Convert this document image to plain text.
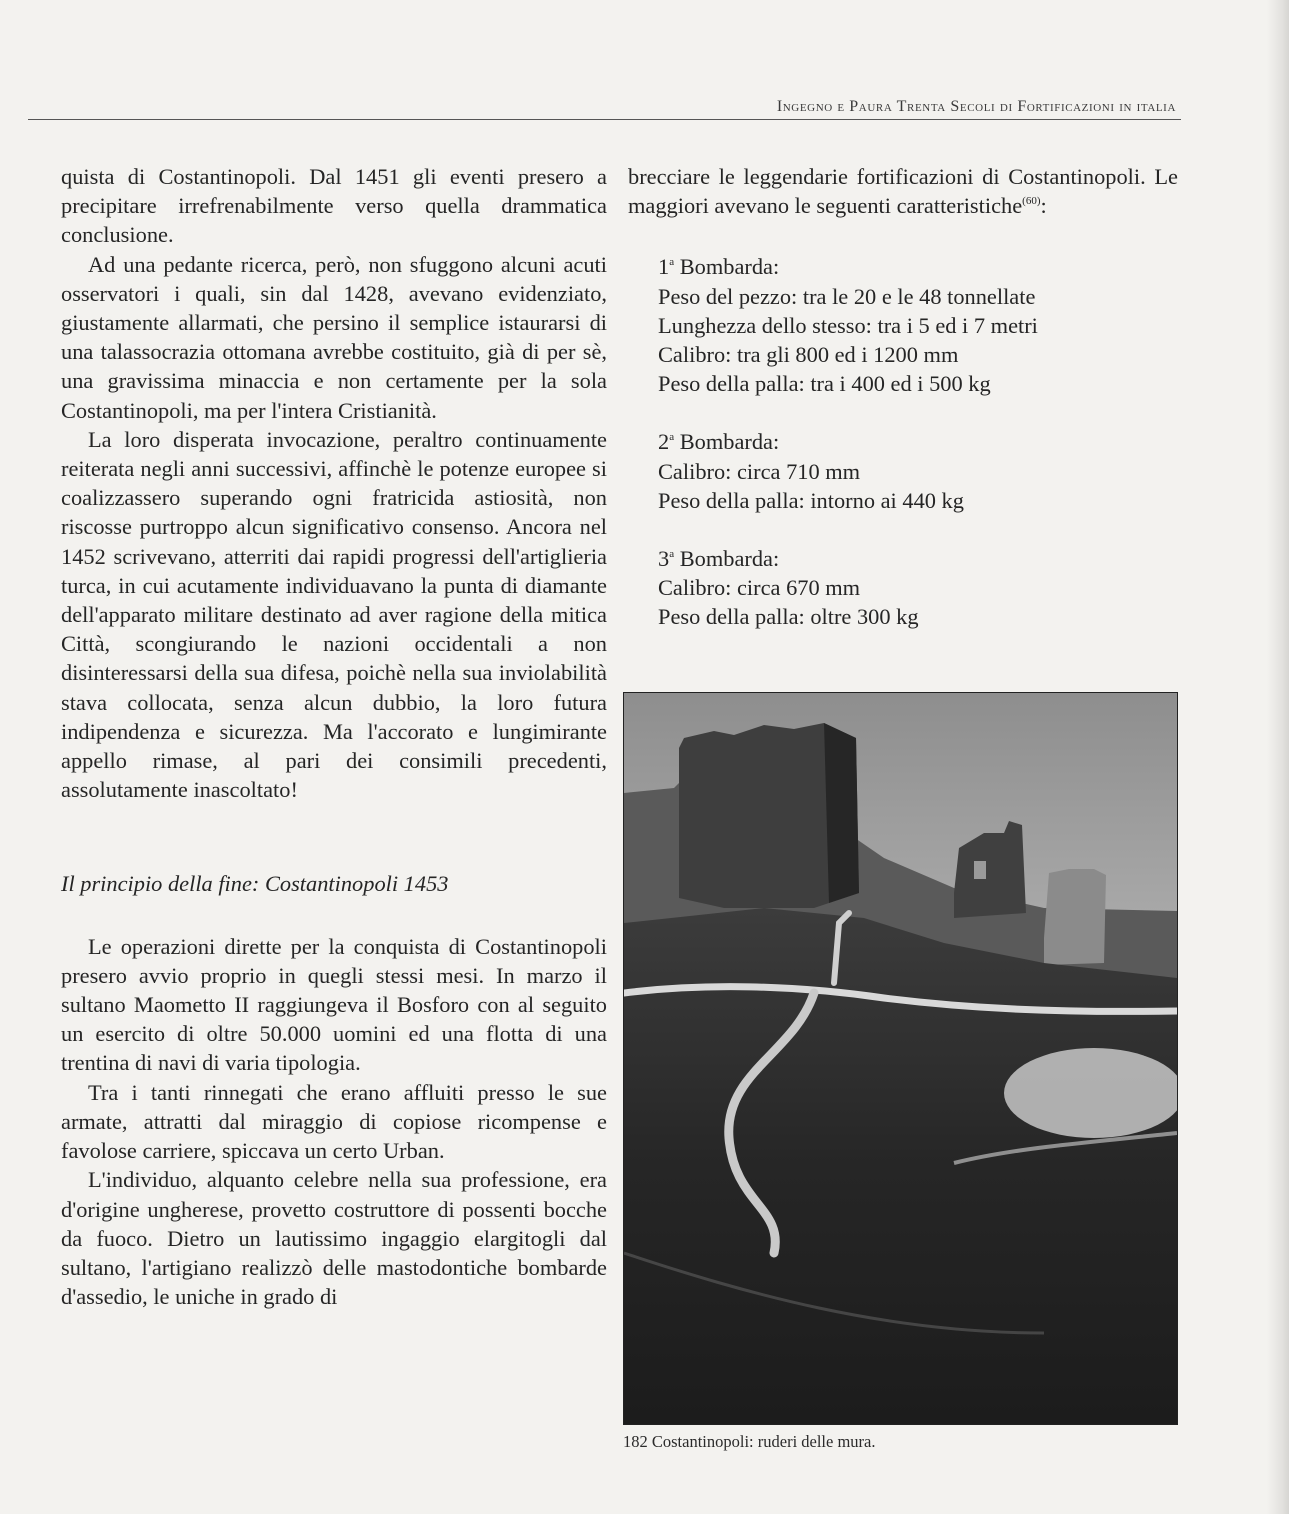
Ingegno e Paura Trenta Secoli di Fortificazioni in italia

quista di Costantinopoli. Dal 1451 gli eventi presero a precipitare irrefrenabilmente verso quella drammatica conclusione.

Ad una pedante ricerca, però, non sfuggono alcuni acuti osservatori i quali, sin dal 1428, avevano evidenziato, giustamente allarmati, che persino il semplice istaurarsi di una talassocrazia ottomana avrebbe costituito, già di per sè, una gravissima minaccia e non certamente per la sola Costantinopoli, ma per l'intera Cristianità.

La loro disperata invocazione, peraltro continuamente reiterata negli anni successivi, affinchè le potenze europee si coalizzassero superando ogni fratricida astiosità, non riscosse purtroppo alcun significativo consenso. Ancora nel 1452 scrivevano, atterriti dai rapidi progressi dell'artiglieria turca, in cui acutamente individuavano la punta di diamante dell'apparato militare destinato ad aver ragione della mitica Città, scongiurando le nazioni occidentali a non disinteressarsi della sua difesa, poichè nella sua inviolabilità stava collocata, senza alcun dubbio, la loro futura indipendenza e sicurezza. Ma l'accorato e lungimirante appello rimase, al pari dei consimili precedenti, assolutamente inascoltato!

Il principio della fine: Costantinopoli 1453

Le operazioni dirette per la conquista di Costantinopoli presero avvio proprio in quegli stessi mesi. In marzo il sultano Maometto II raggiungeva il Bosforo con al seguito un esercito di oltre 50.000 uomini ed una flotta di una trentina di navi di varia tipologia.

Tra i tanti rinnegati che erano affluiti presso le sue armate, attratti dal miraggio di copiose ricompense e favolose carriere, spiccava un certo Urban.

L'individuo, alquanto celebre nella sua professione, era d'origine ungherese, provetto costruttore di possenti bocche da fuoco. Dietro un lautissimo ingaggio elargitogli dal sultano, l'artigiano realizzò delle mastodontiche bombarde d'assedio, le uniche in grado di

brecciare le leggendarie fortificazioni di Costantinopoli. Le maggiori avevano le seguenti caratteristiche$^{(60)}$:

1$^a$ Bombarda:
Peso del pezzo: tra le 20 e le 48 tonnellate
Lunghezza dello stesso: tra i 5 ed i 7 metri
Calibro: tra gli 800 ed i 1200 mm
Peso della palla: tra i 400 ed i 500 kg
2$^a$ Bombarda:
Calibro: circa 710 mm
Peso della palla: intorno ai 440 kg
3$^a$ Bombarda:
Calibro: circa 670 mm
Peso della palla: oltre 300 kg
182 Costantinopoli: ruderi delle mura.
